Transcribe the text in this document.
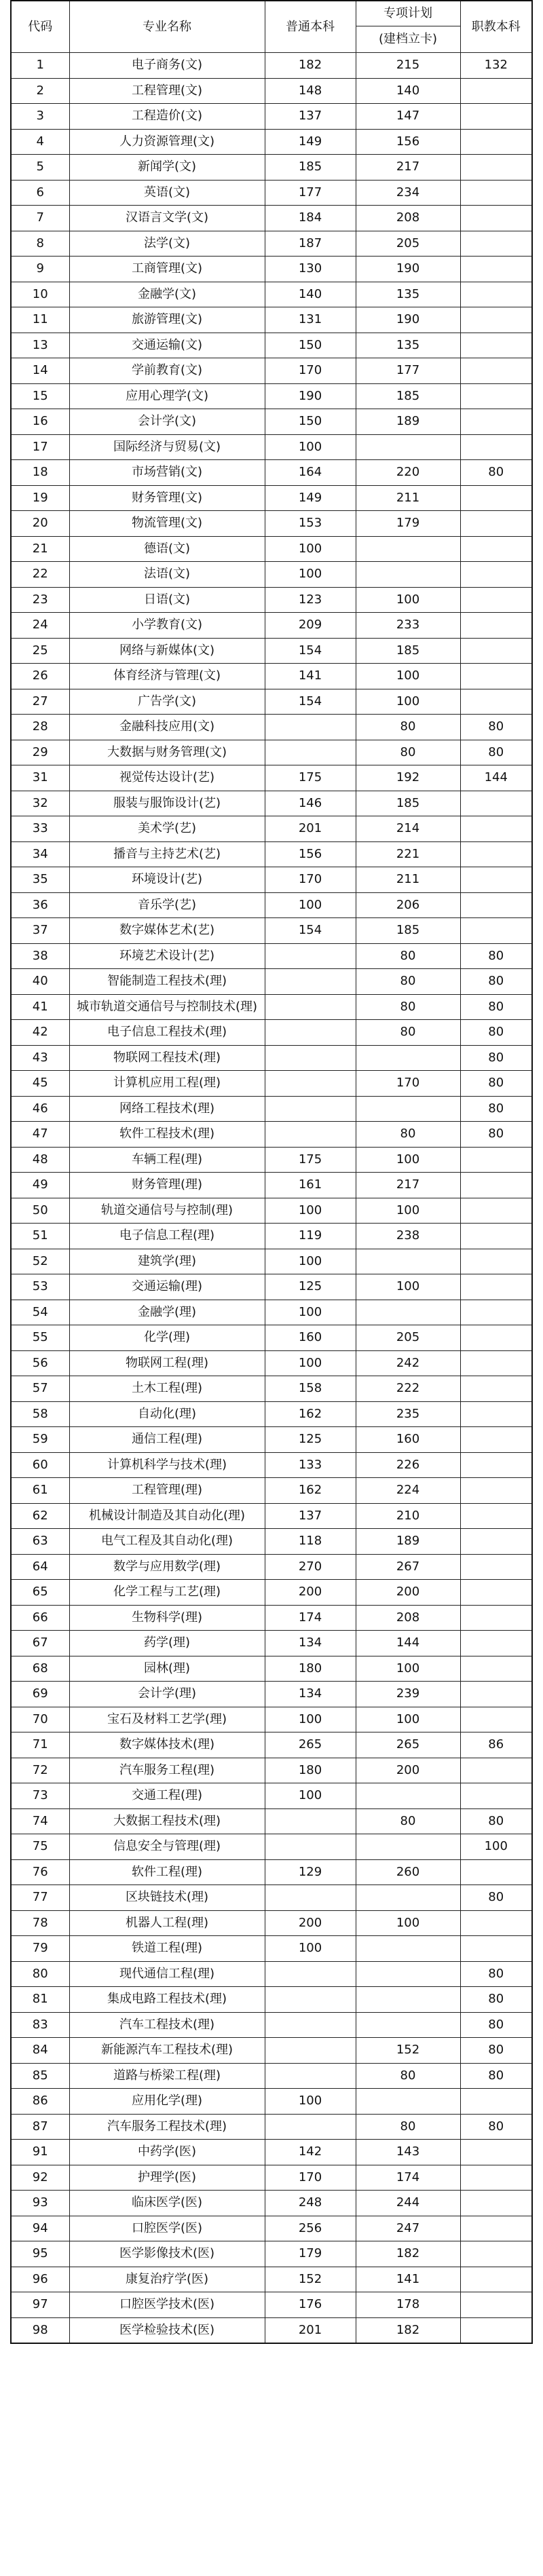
代码	专业名称	普通本科	专项计划	职教本科
			(建档立卡)	
1	电子商务(文)	182	215	132
2	工程管理(文)	148	140	
3	工程造价(文)	137	147	
4	人力资源管理(文)	149	156	
5	新闻学(文)	185	217	
6	英语(文)	177	234	
7	汉语言文学(文)	184	208	
8	法学(文)	187	205	
9	工商管理(文)	130	190	
10	金融学(文)	140	135	
11	旅游管理(文)	131	190	
13	交通运输(文)	150	135	
14	学前教育(文)	170	177	
15	应用心理学(文)	190	185	
16	会计学(文)	150	189	
17	国际经济与贸易(文)	100		
18	市场营销(文)	164	220	80
19	财务管理(文)	149	211	
20	物流管理(文)	153	179	
21	德语(文)	100		
22	法语(文)	100		
23	日语(文)	123	100	
24	小学教育(文)	209	233	
25	网络与新媒体(文)	154	185	
26	体育经济与管理(文)	141	100	
27	广告学(文)	154	100	
28	金融科技应用(文)		80	80
29	大数据与财务管理(文)		80	80
31	视觉传达设计(艺)	175	192	144
32	服装与服饰设计(艺)	146	185	
33	美术学(艺)	201	214	
34	播音与主持艺术(艺)	156	221	
35	环境设计(艺)	170	211	
36	音乐学(艺)	100	206	
37	数字媒体艺术(艺)	154	185	
38	环境艺术设计(艺)		80	80
40	智能制造工程技术(理)		80	80
41	城市轨道交通信号与控制技术(理)		80	80
42	电子信息工程技术(理)		80	80
43	物联网工程技术(理)			80
45	计算机应用工程(理)		170	80
46	网络工程技术(理)			80
47	软件工程技术(理)		80	80
48	车辆工程(理)	175	100	
49	财务管理(理)	161	217	
50	轨道交通信号与控制(理)	100	100	
51	电子信息工程(理)	119	238	
52	建筑学(理)	100		
53	交通运输(理)	125	100	
54	金融学(理)	100		
55	化学(理)	160	205	
56	物联网工程(理)	100	242	
57	土木工程(理)	158	222	
58	自动化(理)	162	235	
59	通信工程(理)	125	160	
60	计算机科学与技术(理)	133	226	
61	工程管理(理)	162	224	
62	机械设计制造及其自动化(理)	137	210	
63	电气工程及其自动化(理)	118	189	
64	数学与应用数学(理)	270	267	
65	化学工程与工艺(理)	200	200	
66	生物科学(理)	174	208	
67	药学(理)	134	144	
68	园林(理)	180	100	
69	会计学(理)	134	239	
70	宝石及材料工艺学(理)	100	100	
71	数字媒体技术(理)	265	265	86
72	汽车服务工程(理)	180	200	
73	交通工程(理)	100		
74	大数据工程技术(理)		80	80
75	信息安全与管理(理)			100
76	软件工程(理)	129	260	
77	区块链技术(理)			80
78	机器人工程(理)	200	100	
79	铁道工程(理)	100		
80	现代通信工程(理)			80
81	集成电路工程技术(理)			80
83	汽车工程技术(理)			80
84	新能源汽车工程技术(理)		152	80
85	道路与桥梁工程(理)		80	80
86	应用化学(理)	100		
87	汽车服务工程技术(理)		80	80
91	中药学(医)	142	143	
92	护理学(医)	170	174	
93	临床医学(医)	248	244	
94	口腔医学(医)	256	247	
95	医学影像技术(医)	179	182	
96	康复治疗学(医)	152	141	
97	口腔医学技术(医)	176	178	
98	医学检验技术(医)	201	182	
